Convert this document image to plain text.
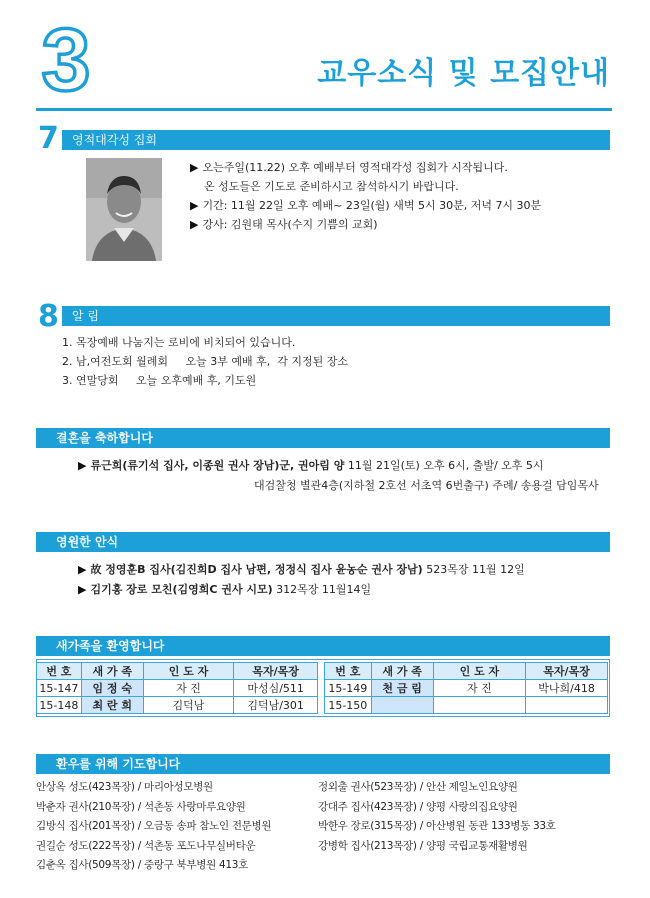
3	교우소식 및 모집안내
7	영적대각성 집회
▶ 오는주일(11.22) 오후 예배부터 영적대각성 집회가 시작됩니다.
온 성도들은 기도로 준비하시고 참석하시기 바랍니다.
▶ 기간: 11월 22일 오후 예배~ 23일(월) 새벽 5시 30분, 저녁 7시 30분
▶ 강사: 김원태 목사(수지 기쁨의 교회)
8	알 림
1. 목장예배 나눔지는 로비에 비치되어 있습니다.
2. 남,여전도회 월례회     오늘 3부 예배 후,  각 지정된 장소
3. 연말당회     오늘 오후예배 후, 기도원
결혼을 축하합니다
▶ 류근희(류기석 집사, 이종원 권사 장남)군, 권아림 양 11월 21일(토) 오후 6시, 출발/ 오후 5시
대검찰청 별관4층(지하철 2호선 서초역 6번출구) 주례/ 송용걸 담임목사
영원한 안식
▶ 故 정영훈B 집사(김진희D 집사 남편, 정정식 집사 윤농순 권사 장남) 523목장 11월 12일
▶ 김기홍 장로 모친(김영희C 권사 시모) 312목장 11월14일
새가족을 환영합니다
번 호	새 가 족	인 도 자	목자/목장
15-147	임 정 숙	자 진	마성심/511
15-148	최 란 희	김덕남	김덕남/301
번 호	새 가 족	인 도 자	목자/목장
15-149	천 금 림	자 진	박나희/418
15-150			
환우를 위해 기도합니다
안상옥 성도(423목장) / 마리아성모병원
박춘자 권사(210목장) / 석촌동 사랑마루요양원
김방식 집사(201목장) / 오금동 송파 참노인 전문병원
권길순 성도(222목장) / 석촌동 포도나무실버타운
김춘옥 집사(509목장) / 중랑구 북부병원 413호
정외출 권사(523목장) / 안산 제일노인요양원
강대주 집사(423목장) / 양평 사랑의집요양원
박한우 장로(315목장) / 아산병원 동관 133병동 33호
강병학 집사(213목장) / 양평 국립교통재활병원
